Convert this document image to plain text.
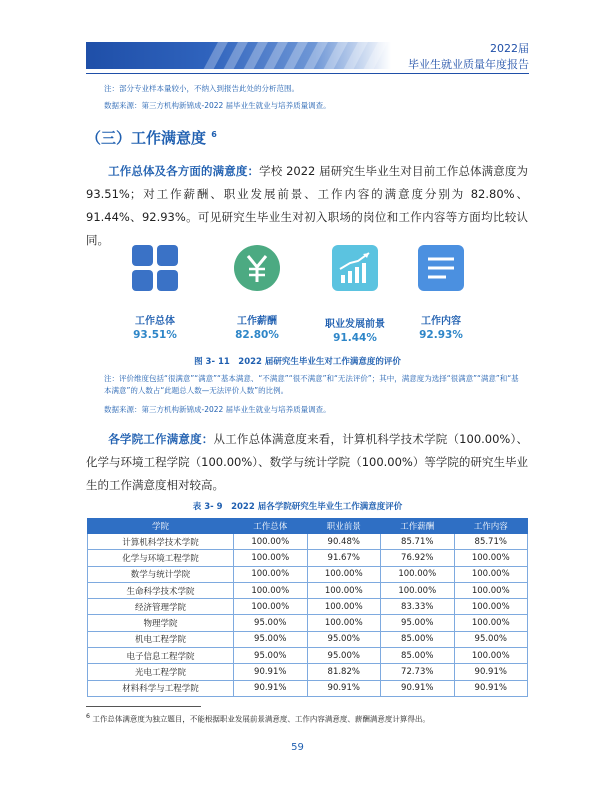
2022届
毕业生就业质量年度报告
注：部分专业样本量较小，不纳入到报告此处的分析范围。
数据来源：第三方机构新锦成-2022 届毕业生就业与培养质量调查。
（三）工作满意度 $^6$
工作总体及各方面的满意度：学校 2022 届研究生毕业生对目前工作总体满意度为 93.51%；对工作薪酬、职业发展前景、工作内容的满意度分别为 82.80%、91.44%、92.93%。可见研究生毕业生对初入职场的岗位和工作内容等方面均比较认同。
工作总体
93.51%
工作薪酬
82.80%
职业发展前景
91.44%
工作内容
92.93%
图 3- 11　2022 届研究生毕业生对工作满意度的评价
注：评价维度包括“很满意”“满意”“基本满意、“不满意”“很不满意”和“无法评价”；其中，满意度为选择“很满意”“满意”和“基本满意”的人数占“此题总人数—无法评价人数”的比例。
数据来源：第三方机构新锦成-2022 届毕业生就业与培养质量调查。
各学院工作满意度：从工作总体满意度来看，计算机科学技术学院（100.00%）、化学与环境工程学院（100.00%）、数学与统计学院（100.00%）等学院的研究生毕业生的工作满意度相对较高。
表 3- 9　2022 届各学院研究生毕业生工作满意度评价
学院	工作总体	职业前景	工作薪酬	工作内容
计算机科学技术学院	100.00%	90.48%	85.71%	85.71%
化学与环境工程学院	100.00%	91.67%	76.92%	100.00%
数学与统计学院	100.00%	100.00%	100.00%	100.00%
生命科学技术学院	100.00%	100.00%	100.00%	100.00%
经济管理学院	100.00%	100.00%	83.33%	100.00%
物理学院	95.00%	100.00%	95.00%	100.00%
机电工程学院	95.00%	95.00%	85.00%	95.00%
电子信息工程学院	95.00%	95.00%	85.00%	100.00%
光电工程学院	90.91%	81.82%	72.73%	90.91%
材料科学与工程学院	90.91%	90.91%	90.91%	90.91%
$^6$ 工作总体满意度为独立题目，不能根据职业发展前景满意度、工作内容满意度、薪酬满意度计算得出。
59
